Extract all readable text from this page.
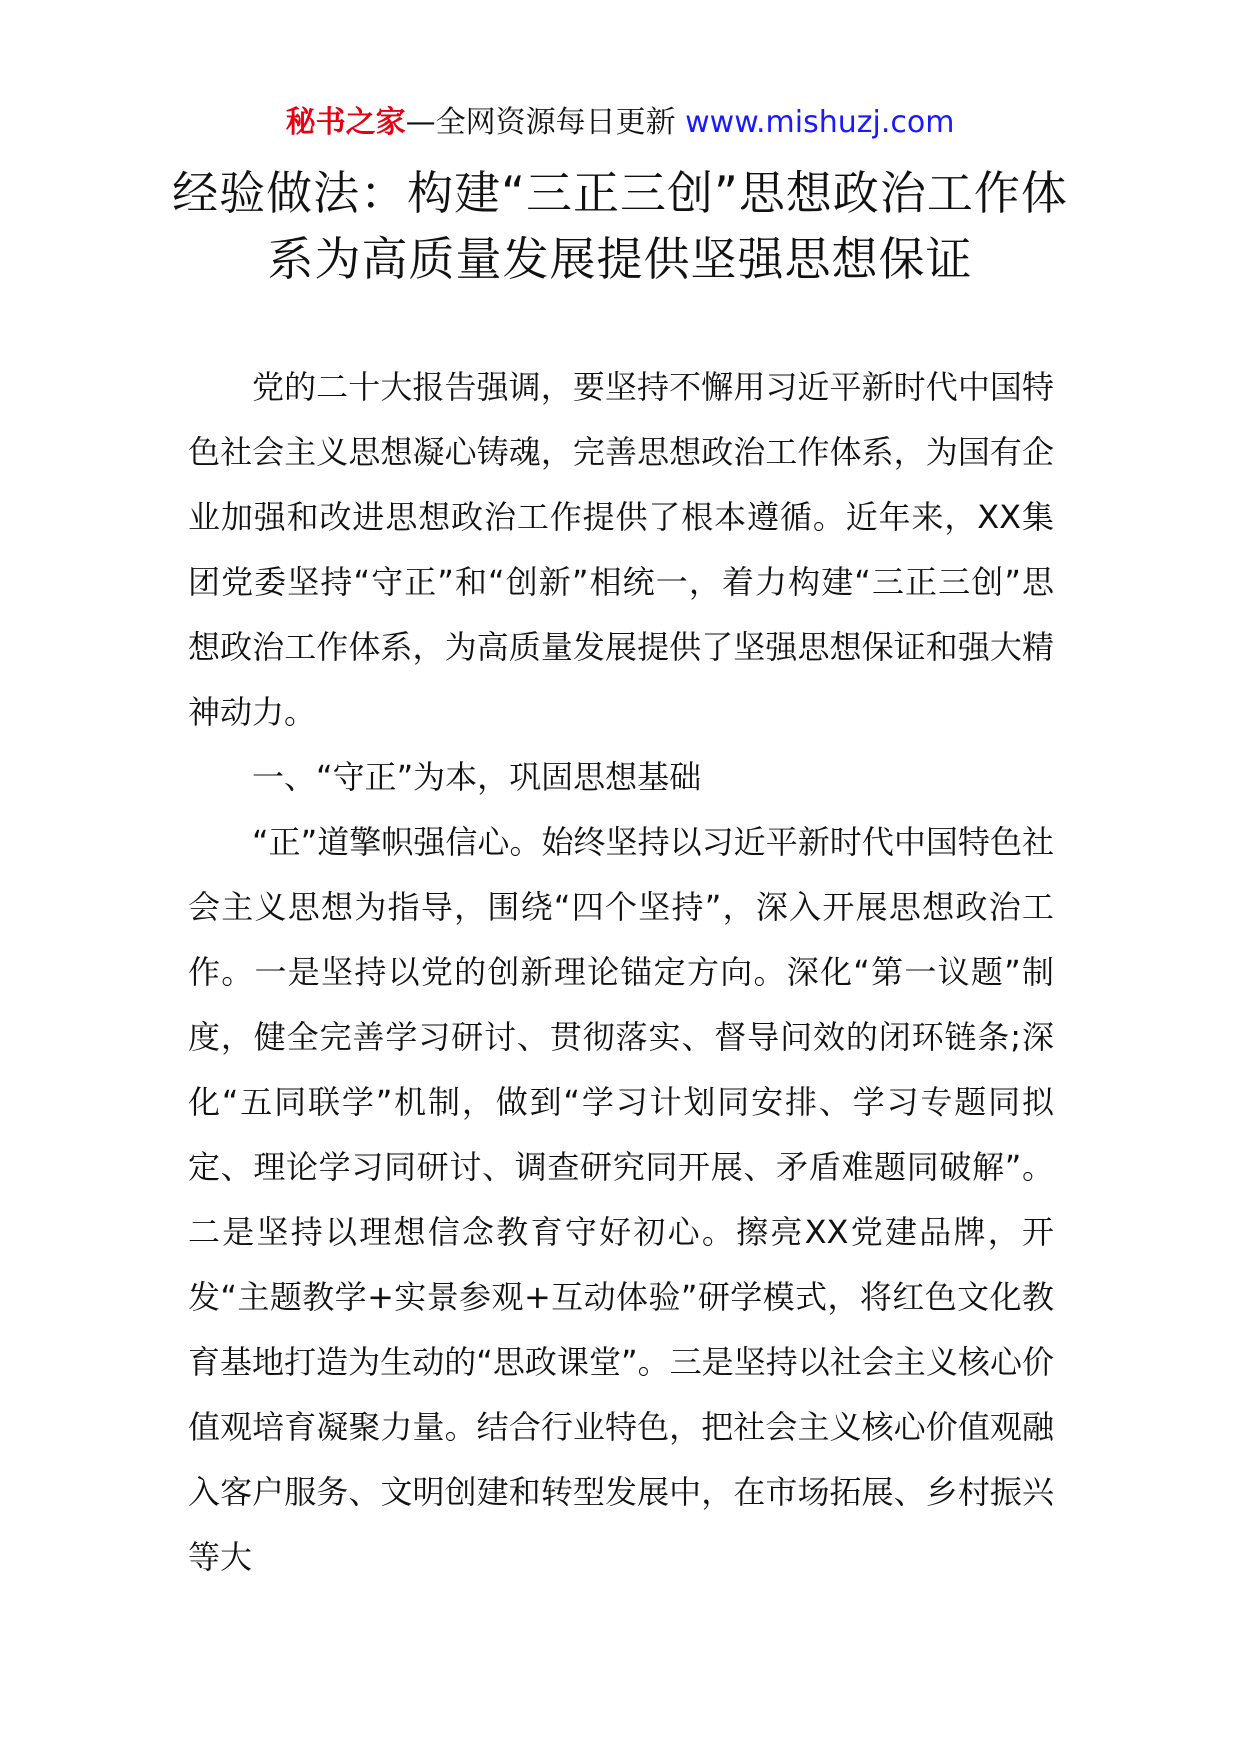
秘书之家—全网资源每日更新 www.mishuzj.com
经验做法：构建“三正三创”思想政治工作体系为高质量发展提供坚强思想保证

党的二十大报告强调，要坚持不懈用习近平新时代中国特色社会主义思想凝心铸魂，完善思想政治工作体系，为国有企业加强和改进思想政治工作提供了根本遵循。近年来，XX集团党委坚持“守正”和“创新”相统一，着力构建“三正三创”思想政治工作体系，为高质量发展提供了坚强思想保证和强大精神动力。

一、“守正”为本，巩固思想基础

“正”道擎帜强信心。始终坚持以习近平新时代中国特色社会主义思想为指导，围绕“四个坚持”，深入开展思想政治工作。一是坚持以党的创新理论锚定方向。深化“第一议题”制度，健全完善学习研讨、贯彻落实、督导问效的闭环链条;深化“五同联学”机制，做到“学习计划同安排、学习专题同拟定、理论学习同研讨、调查研究同开展、矛盾难题同破解”。二是坚持以理想信念教育守好初心。擦亮XX党建品牌，开发“主题教学+实景参观+互动体验”研学模式，将红色文化教育基地打造为生动的“思政课堂”。三是坚持以社会主义核心价值观培育凝聚力量。结合行业特色，把社会主义核心价值观融入客户服务、文明创建和转型发展中，在市场拓展、乡村振兴等大
